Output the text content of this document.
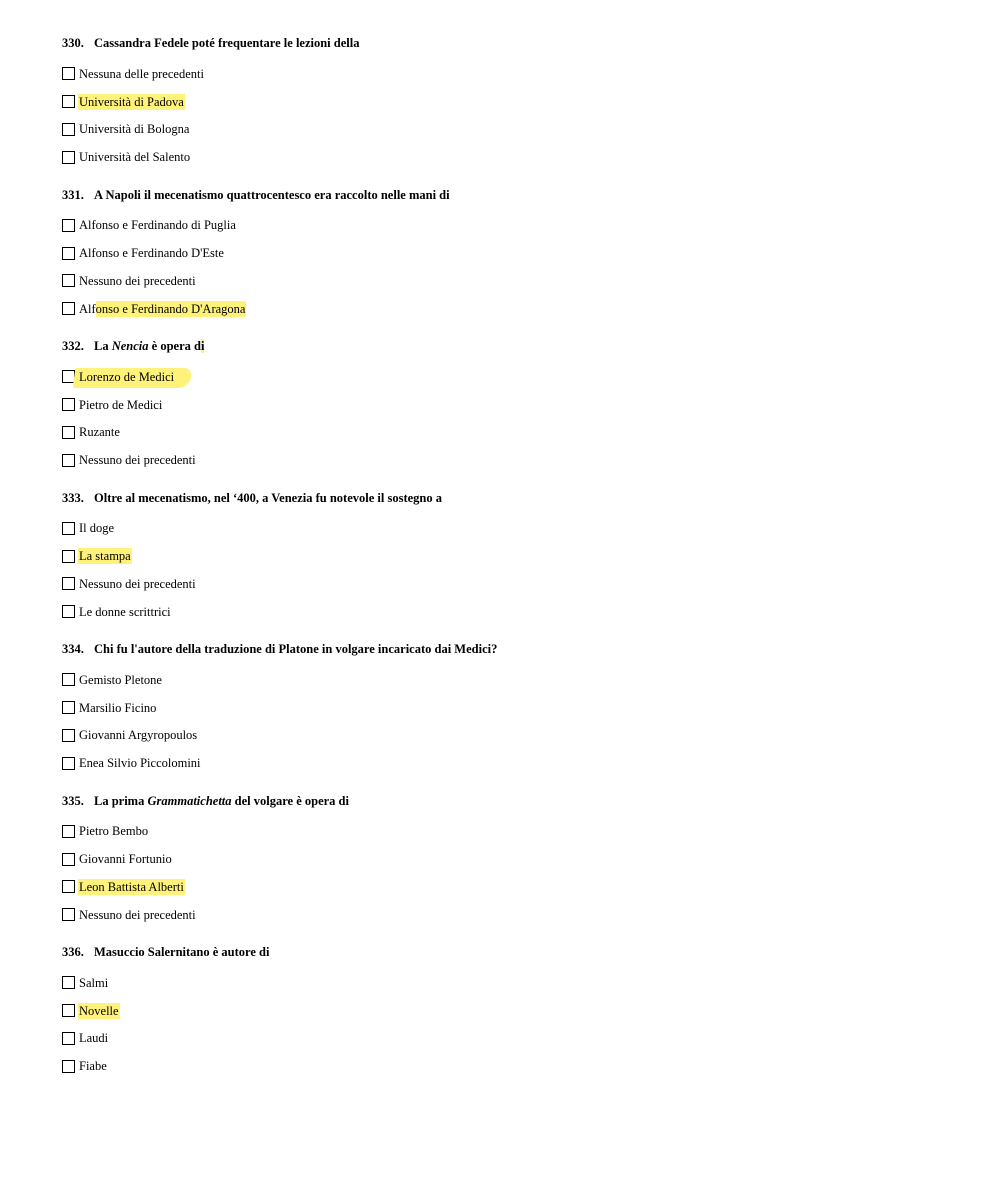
330. Cassandra Fedele poté frequentare le lezioni della
Nessuna delle precedenti
Università di Padova
Università di Bologna
Università del Salento
331. A Napoli il mecenatismo quattrocentesco era raccolto nelle mani di
Alfonso e Ferdinando di Puglia
Alfonso e Ferdinando D'Este
Nessuno dei precedenti
Alf onso e Ferdinando D'Aragona
332. La Nencia è opera di
Lorenzo de Medici
Pietro de Medici
Ruzante
Nessuno dei precedenti
333. Oltre al mecenatismo, nel ‘400, a Venezia fu notevole il sostegno a
Il doge
La stampa
Nessuno dei precedenti
Le donne scrittrici
334. Chi fu l'autore della traduzione di Platone in volgare incaricato dai Medici?
Gemisto Pletone
Marsilio Ficino
Giovanni Argyropoulos
Enea Silvio Piccolomini
335. La prima Grammatichetta del volgare è opera di
Pietro Bembo
Giovanni Fortunio
Leon Battista Alberti
Nessuno dei precedenti
336. Masuccio Salernitano è autore di
Salmi
Novelle
Laudi
Fiabe
